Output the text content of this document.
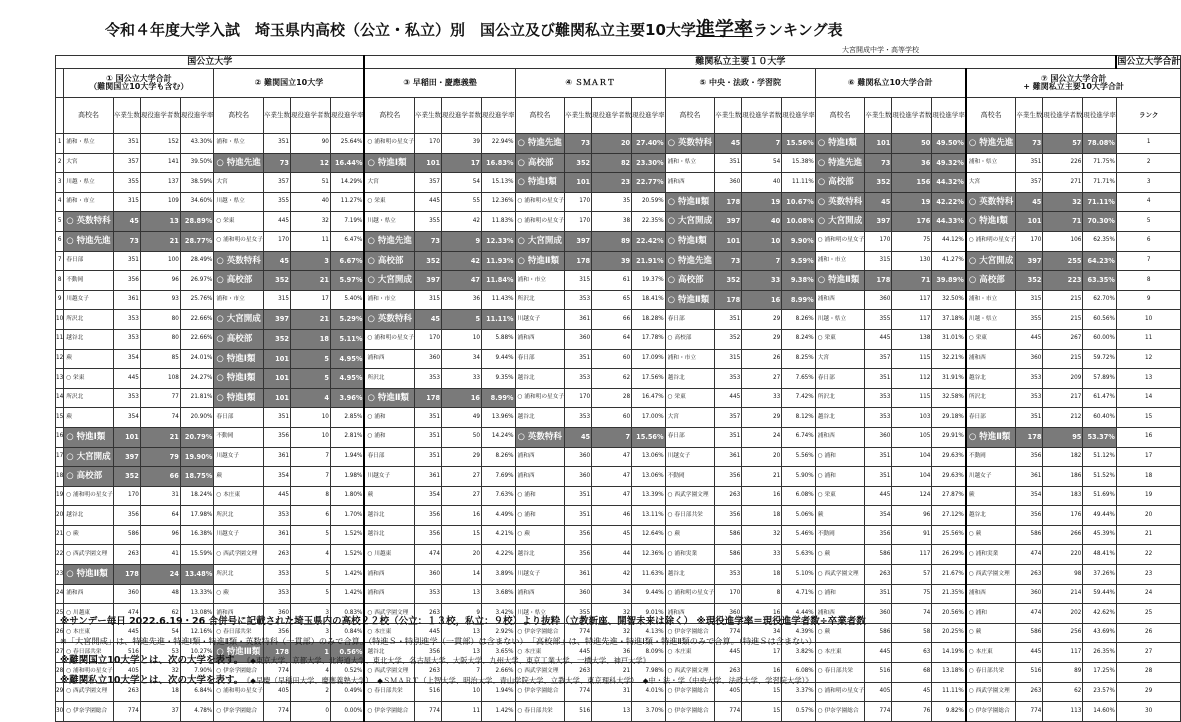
令和４年度大学入試　埼玉県内高校（公立・私立）別　国公立及び難関私立主要10大学進学率ランキング表
大宮開成中学・高等学校
国公立大学									難関私立主要１０大学																				国公立大学合計
	① 国公立大学合計
（難関国立10大学も含む）				② 難関国立10大学				③ 早稲田・慶應義塾				④ ＳＭＡＲＴ				⑤ 中央・法政・学習院				⑥ 難関私立10大学合計				⑦ 国公立大学合計
+ 難関私立主要10大学合計				
	高校名	卒業生数	現役進学者数	現役進学率	高校名	卒業生数	現役進学者数	現役進学率	高校名	卒業生数	現役進学者数	現役進学率	高校名	卒業生数	現役進学者数	現役進学率	高校名	卒業生数	現役進学者数	現役進学率	高校名	卒業生数	現役進学者数	現役進学率	高校名	卒業生数	現役進学者数	現役進学率	ランク
1	浦和・県立	351	152	43.30%	浦和・県立	351	90	25.64%	○ 浦和明の星女子	170	39	22.94%	○ 特進先進	73	20	27.40%	○ 英数特科	45	7	15.56%	○ 特進Ⅰ類	101	50	49.50%	○ 特進先進	73	57	78.08%	1
2	大宮	357	141	39.50%	○ 特進先進	73	12	16.44%	○ 特進Ⅰ類	101	17	16.83%	○ 高校部	352	82	23.30%	浦和・県立	351	54	15.38%	○ 特進先進	73	36	49.32%	浦和・県立	351	226	71.75%	2
3	川越・県立	355	137	38.59%	大宮	357	51	14.29%	大宮	357	54	15.13%	○ 特進Ⅰ類	101	23	22.77%	浦和西	360	40	11.11%	○ 高校部	352	156	44.32%	大宮	357	271	71.71%	3
4	浦和・市立	315	109	34.60%	川越・県立	355	40	11.27%	○ 栄東	445	55	12.36%	○ 浦和明の星女子	170	35	20.59%	○ 特進Ⅱ類	178	19	10.67%	○ 英数特科	45	19	42.22%	○ 英数特科	45	32	71.11%	4
5	○ 英数特科	45	13	28.89%	○ 栄東	445	32	7.19%	川越・県立	355	42	11.83%	○ 浦和明の星女子	170	38	22.35%	○ 大宮開成	397	40	10.08%	○ 大宮開成	397	176	44.33%	○ 特進Ⅰ類	101	71	70.30%	5
6	○ 特進先進	73	21	28.77%	○ 浦和明の星女子	170	11	6.47%	○ 特進先進	73	9	12.33%	○ 大宮開成	397	89	22.42%	○ 特進Ⅰ類	101	10	9.90%	○ 浦和明の星女子	170	75	44.12%	○ 浦和明の星女子	170	106	62.35%	6
7	春日部	351	100	28.49%	○ 英数特科	45	3	6.67%	○ 高校部	352	42	11.93%	○ 特進Ⅱ類	178	39	21.91%	○ 特進先進	73	7	9.59%	浦和・市立	315	130	41.27%	○ 大宮開成	397	255	64.23%	7
8	不動岡	356	96	26.97%	○ 高校部	352	21	5.97%	○ 大宮開成	397	47	11.84%	浦和・市立	315	61	19.37%	○ 高校部	352	33	9.38%	○ 特進Ⅱ類	178	71	39.89%	○ 高校部	352	223	63.35%	8
9	川越女子	361	93	25.76%	浦和・市立	315	17	5.40%	浦和・市立	315	36	11.43%	所沢北	353	65	18.41%	○ 特進Ⅱ類	178	16	8.99%	浦和西	360	117	32.50%	浦和・市立	315	215	62.70%	9
10	所沢北	353	80	22.66%	○ 大宮開成	397	21	5.29%	○ 英数特科	45	5	11.11%	川越女子	361	66	18.28%	春日部	351	29	8.26%	川越・県立	355	117	37.18%	川越・県立	355	215	60.56%	10
11	越谷北	353	80	22.66%	○ 高校部	352	18	5.11%	○ 浦和明の星女子	170	10	5.88%	浦和西	360	64	17.78%	○ 高校部	352	29	8.24%	○ 栄東	445	138	31.01%	○ 栄東	445	267	60.00%	11
12	蕨	354	85	24.01%	○ 特進Ⅰ類	101	5	4.95%	浦和西	360	34	9.44%	春日部	351	60	17.09%	浦和・市立	315	26	8.25%	大宮	357	115	32.21%	浦和西	360	215	59.72%	12
13	○ 栄東	445	108	24.27%	○ 特進Ⅰ類	101	5	4.95%	所沢北	353	33	9.35%	越谷北	353	62	17.56%	越谷北	353	27	7.65%	春日部	351	112	31.91%	越谷北	353	209	57.89%	13
14	所沢北	353	77	21.81%	○ 特進Ⅰ類	101	4	3.96%	○ 特進Ⅱ類	178	16	8.99%	○ 浦和明の星女子	170	28	16.47%	○ 栄東	445	33	7.42%	所沢北	353	115	32.58%	所沢北	353	217	61.47%	14
15	蕨	354	74	20.90%	春日部	351	10	2.85%	○ 浦和	351	49	13.96%	越谷北	353	60	17.00%	大宮	357	29	8.12%	越谷北	353	103	29.18%	春日部	351	212	60.40%	15
16	○ 特進Ⅰ類	101	21	20.79%	不動岡	356	10	2.81%	○ 浦和	351	50	14.24%	○ 英数特科	45	7	15.56%	春日部	351	24	6.74%	浦和西	360	105	29.91%	○ 特進Ⅱ類	178	95	53.37%	16
17	○ 大宮開成	397	79	19.90%	川越女子	361	7	1.94%	春日部	351	29	8.26%	浦和西	360	47	13.06%	川越女子	361	20	5.56%	○ 浦和	351	104	29.63%	不動岡	356	182	51.12%	17
18	○ 高校部	352	66	18.75%	蕨	354	7	1.98%	川越女子	361	27	7.69%	浦和西	360	47	13.06%	不動岡	356	21	5.90%	○ 浦和	351	104	29.63%	川越女子	361	186	51.52%	18
19	○ 浦和明の星女子	170	31	18.24%	○ 本庄東	445	8	1.80%	蕨	354	27	7.63%	○ 浦和	351	47	13.39%	○ 西武学園文理	263	16	6.08%	○ 栄東	445	124	27.87%	蕨	354	183	51.69%	19
20	越谷北	356	64	17.98%	所沢北	353	6	1.70%	越谷北	356	16	4.49%	○ 浦和	351	46	13.11%	○ 春日部共栄	356	18	5.06%	蕨	354	96	27.12%	越谷北	356	176	49.44%	20
21	○ 蕨	586	96	16.38%	川越女子	361	5	1.52%	越谷北	356	15	4.21%	○ 蕨	356	45	12.64%	○ 蕨	586	32	5.46%	不動岡	356	91	25.56%	○ 蕨	586	266	45.39%	21
22	○ 西武学園文理	263	41	15.59%	○ 西武学園文理	263	4	1.52%	○ 川越東	474	20	4.22%	越谷北	356	44	12.36%	○ 浦和実業	586	33	5.63%	○ 蕨	586	117	26.29%	○ 浦和実業	474	220	48.41%	22
23	○ 特進Ⅱ類	178	24	13.48%	所沢北	353	5	1.42%	浦和西	360	14	3.89%	川越女子	361	42	11.63%	越谷北	353	18	5.10%	○ 西武学園文理	263	57	21.67%	○ 西武学園文理	263	98	37.26%	23
24	浦和西	360	48	13.33%	○ 蕨	353	5	1.42%	浦和西	353	13	3.68%	浦和西	360	34	9.44%	○ 浦和明の星女子	170	8	4.71%	○ 浦和	351	75	21.35%	浦和西	360	214	59.44%	24
25	○ 川越東	474	62	13.08%	浦和西	360	3	0.83%	○ 西武学園文理	263	9	3.42%	川越・県立	355	32	9.01%	浦和西	360	16	4.44%	浦和西	360	74	20.56%	○ 浦和	474	202	42.62%	25
26	○ 本庄東	445	54	12.16%	○ 春日部共栄	356	3	0.84%	○ 本庄東	445	13	2.92%	○ 伊奈学園総合	774	32	4.13%	○ 伊奈学園総合	774	34	4.39%	○ 蕨	586	58	20.25%	○ 蕨	586	256	43.69%	26
27	○ 春日部共栄	516	53	10.27%	○ 特進Ⅲ類	178	1	0.56%	越谷北	356	13	3.65%	○ 本庄東	445	36	8.09%	○ 本庄東	445	17	3.82%	○ 本庄東	445	63	14.19%	○ 本庄東	445	117	26.35%	27
28	○ 浦和明の星女子	405	32	7.90%	○ 伊奈学園総合	774	4	0.52%	○ 西武学園文理	263	7	2.66%	○ 西武学園文理	263	21	7.98%	○ 西武学園文理	263	16	6.08%	○ 春日部共栄	516	68	13.18%	○ 春日部共栄	516	89	17.25%	28
29	○ 西武学園文理	263	18	6.84%	○ 浦和明の星女子	405	2	0.49%	○ 春日部共栄	516	10	1.94%	○ 伊奈学園総合	774	31	4.01%	○ 伊奈学園総合	405	15	3.37%	○ 浦和明の星女子	405	45	11.11%	○ 西武学園文理	263	62	23.57%	29
30	○ 伊奈学園総合	774	37	4.78%	○ 伊奈学園総合	774	0	0.00%	○ 伊奈学園総合	774	11	1.42%	○ 春日部共栄	516	13	3.70%	○ 伊奈学園総合	774	15	0.57%	○ 伊奈学園総合	774	76	9.82%	○ 伊奈学園総合	774	113	14.60%	30
※サンデー毎日 2022.6.19・26 合併号に記載された埼玉県内の高校２２校（公立：１３校，私立：９校）より抜粋（立教新座、開智未来は除く）　 ※現役進学率＝現役進学者数÷卒業者数
※「大宮開成」は、特進先進・特進Ⅰ類・特進Ⅱ類・英数特科（一貫部）のみで合算。（特進Ｓ・特別進学（一貫部）は含まない）　 「高校部」は、特進先進・特進Ⅰ類・特進Ⅱ類のみで合算。（特進Ｓは含まない）
※難関国立10大学とは、次の大学を表す。　 《◆東京大学、京都大学、北海道大学、東北大学、名古屋大学、大阪大学、九州大学、東京工業大学、一橋大学、神戸大学》
※難関私立10大学とは、次の大学を表す。　 《◆早慶（早稲田大学、慶應義塾大学）　 ◆ＳＭＡＲＴ（上智大学、明治大学、青山学院大学、立教大学、東京理科大学）　 ◆中・法・学（中央大学、法政大学、学習院大学）》
